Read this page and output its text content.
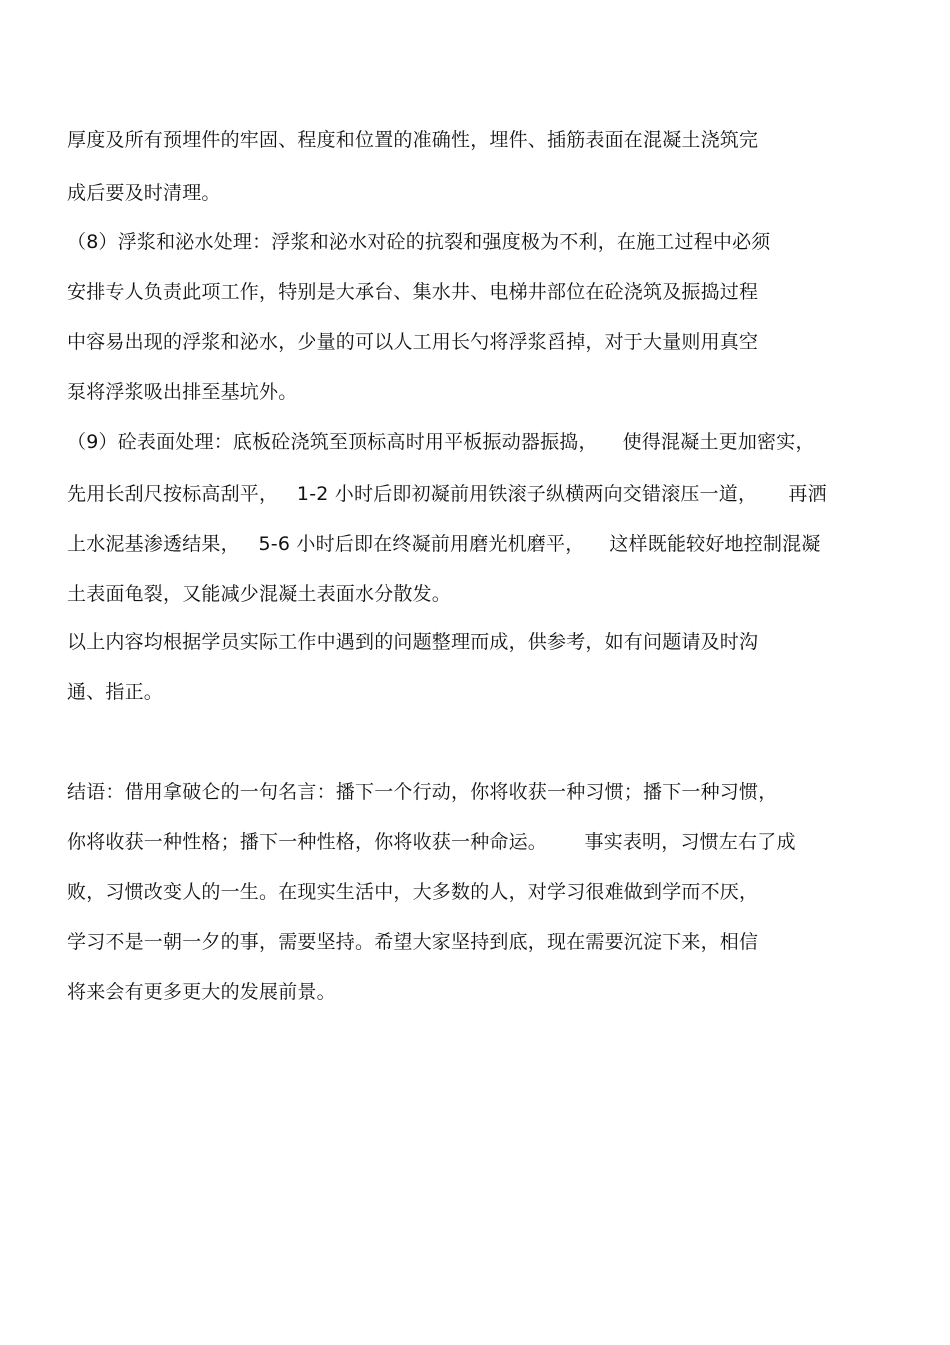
厚度及所有预埋件的牢固、程度和位置的准确性，埋件、插筋表面在混凝土浇筑完
成后要及时清理。
（8）浮浆和泌水处理：浮浆和泌水对砼的抗裂和强度极为不利，在施工过程中必须
安排专人负责此项工作，特别是大承台、集水井、电梯井部位在砼浇筑及振捣过程
中容易出现的浮浆和泌水，少量的可以人工用长勺将浮浆舀掉，对于大量则用真空
泵将浮浆吸出排至基坑外。
（9）砼表面处理：底板砼浇筑至顶标高时用平板振动器振捣，    使得混凝土更加密实，
先用长刮尺按标高刮平，   1-2 小时后即初凝前用铁滚子纵横两向交错滚压一道，     再洒
上水泥基渗透结果，   5-6 小时后即在终凝前用磨光机磨平，    这样既能较好地控制混凝
土表面龟裂，又能减少混凝土表面水分散发。
以上内容均根据学员实际工作中遇到的问题整理而成，供参考，如有问题请及时沟
通、指正。
结语：借用拿破仑的一句名言：播下一个行动，你将收获一种习惯；播下一种习惯，
你将收获一种性格；播下一种性格，你将收获一种命运。      事实表明，习惯左右了成
败，习惯改变人的一生。在现实生活中，大多数的人，对学习很难做到学而不厌，
学习不是一朝一夕的事，需要坚持。希望大家坚持到底，现在需要沉淀下来，相信
将来会有更多更大的发展前景。
